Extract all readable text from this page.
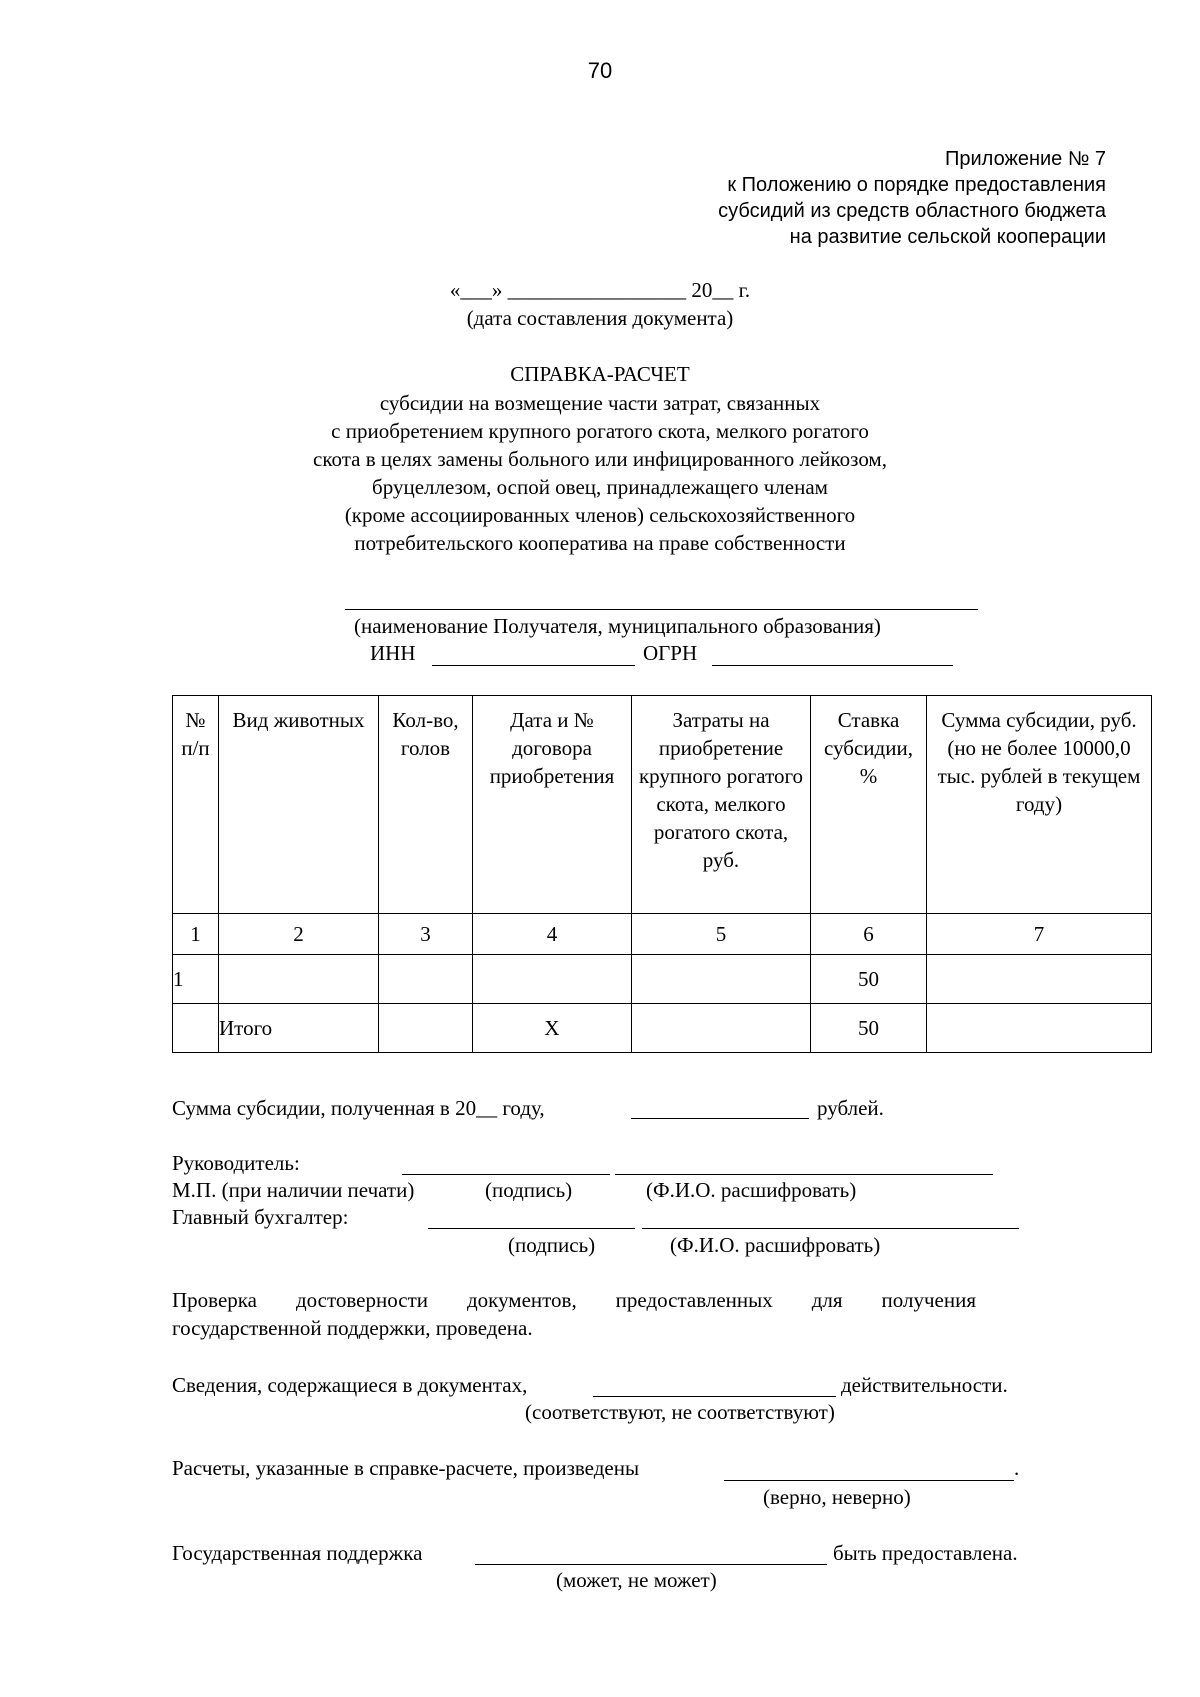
70
Приложение № 7
к Положению о порядке предоставления
субсидий из средств областного бюджета
на развитие сельской кооперации
«___» _________________ 20__ г.
(дата составления документа)
СПРАВКА-РАСЧЕТ
субсидии на возмещение части затрат, связанных
с приобретением крупного рогатого скота, мелкого рогатого
скота в целях замены больного или инфицированного лейкозом,
бруцеллезом, оспой овец, принадлежащего членам
(кроме ассоциированных членов) сельскохозяйственного
потребительского кооператива на праве собственности
(наименование Получателя, муниципального образования)
ИНН	ОГРН
№ п/п	Вид животных	Кол-во, голов	Дата и № договора приобретения	Затраты на приобретение крупного рогатого скота, мелкого рогатого скота, руб.	Ставка субсидии, %	Сумма субсидии, руб. (но не более 10000,0 тыс. рублей в текущем году)
1	2	3	4	5	6	7
1					50	
	Итого		Х		50	
Сумма субсидии, полученная в 20__ году,	рублей.
Руководитель:
М.П. (при наличии печати)	(подпись)	(Ф.И.О. расшифровать)
Главный бухгалтер:
(подпись)	(Ф.И.О. расшифровать)
Проверка достоверности документов, предоставленных для получения
государственной поддержки, проведена.
Сведения, содержащиеся в документах,	действительности.
(соответствуют, не соответствуют)
Расчеты, указанные в справке-расчете, произведены	.
(верно, неверно)
Государственная поддержка	быть предоставлена.
(может, не может)
